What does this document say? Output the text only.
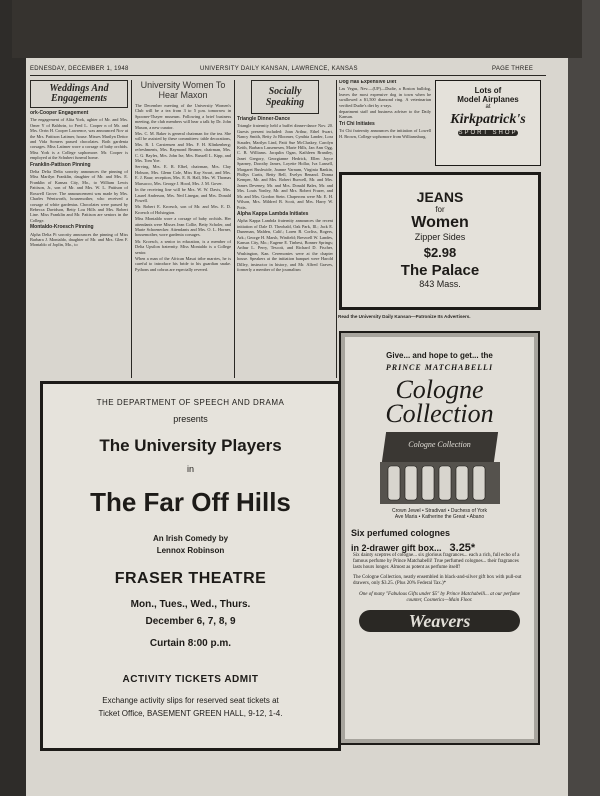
EDNESDAY, DECEMBER 1, 1948	UNIVERSITY DAILY KANSAN, LAWRENCE, KANSAS	PAGE THREE
Weddings And Engagements
ork-Cooper Engagement

The engagement of Alita York, ughter of Mr. and Mrs. Omer Y of Baldwin, to Fred L. Cooper n of Mr. and Mrs. Orrin H. Cooper Lawrence, was announced Nov at the Mrs. Pattison Latimer, house. Misses Marilyn Dettor and Vida Somers passed chocolates. Both gardenia corsages. Miss Latimer wore a corsage of baby orchids. Miss York is a College sophomore. Mr. Cooper is employed at the Schubert funeral home.

Franklin-Pattison Pinning

Delta Delta Delta sorority announces the pinning of Miss Marilyn Franklin, daughter of Mr. and Mrs. E. Franklin of Kansas City, Mo., to William Lewis Pattison, Jr., son of Mr. and Mrs. W. L. Pattison of Roswell Grove. The announcement was made by Mrs. Charles Wentworth, housemother, who received a corsage of white gardenias. Chocolates were passed by Rebecca Davidson, Betty Lou Hills and Mrs. Robert Line. Miss Franklin and Mr. Pattison are seniors in the College.

Montaldo-Kroesch Pinning

Alpha Delta Pi sorority announces the pinning of Miss Barbara J. Montaldo, daughter of Mr. and Mrs. Glen F. Montaldo of Joplin, Mo., to

University Women To Hear Maxon

The December meeting of the University Women's Club will be a tea from 3 to 5 p.m. tomorrow in Spooner-Thayer museum. Following a brief business meeting, the club members will hear a talk by Dr. John Maxon, a new curator.

Mrs. C. M. Baker is general chairman for the tea. She will be assisted by these committees: table decorations, Mrs. R. I. Carstensen and Mrs. F. H. Klinkenberg; refreshments, Mrs. Raymond Beamer, chairman, Mrs. C. G. Bayles, Mrs. John Ise, Mrs. Russell L. Kipp, and Mrs. Tom Yoe.

Serving, Mrs. E. R. Elbel, chairman, Mrs. Clay Hobson, Mrs. Glenn Cole, Miss Kay Swart, and Mrs. E. J. Baur; reception, Mrs. E. R. Hall, Mrs. W. Thomas Marsacco, Mrs. George J. Hood, Mrs. J. M. Gover.

In the receiving line will be Mrs. W. W. Davis, Mrs. Laurel Anderson, Mrs. Ned Linegar, and Mrs. Donald Powell.

Mr. Robert E. Kroesch, son of Mr. and Mrs. E. D. Kroesch of Holsington.

Miss Montaldo wore a corsage of baby orchids. Her attendants were Misses Jean Collie, Betty Scholer, and Marie Schoenecker. Attendants and Mrs. O. L. Horner, housemother, wore gardenia corsages.

Mr. Kroesch, a senior in education, is a member of Delta Upsilon fraternity. Miss Montaldo is a College senior.

When a man of the African Masai tribe marries, he is careful to introduce his bride to his guardian snake. Pythons and cobras are especially revered.

Socially Speaking
Triangle Dinner-Dance

Triangle fraternity held a buffet dinner-dance Nov. 20. Guests present included: Joan Arthur, Ethel Swart, Nancy Smith, Betty Jo Bloomer, Cynthia Lander, Lora Stauder, Marilyn Lind, Patti Sue McCluskey, Carolyn Keith, Barbara Lassenesen, Marie Hills, Jan Ann Ogg, C. B. Williams. Jacqulin Ogan, Kathleen Brantley, Janet Gregory, Georgianne Hedrick, Ellen Joyce Sparney, Dorothy James, Loyette Hollar, Iva Lansell, Margaret Bushwide, Joanne Varnum, Virginia Rankin, Phillys Curtis, Betty Bell, Evelyn Benand. Donna Kemper, Mr. and Mrs. Robert Burwell, Mr. and Mrs. James Deveney, Mr. and Mrs. Donald Bales, Mr. and Mrs. Louis Yonley, Mr. and Mrs. Robert Frazer, and Mr. and Mrs. Gordon Stein. Chaperons were Mr. E. H. Wilson, Mrs. Mildred B. Scott, and Mrs. Harry W. Potts.

Alpha Kappa Lambda Initiates

Alpha Kappa Lambda fraternity announces the recent initiation of Dale D. Theobald, Oak Park, Ill.; Jack E. Duneman, Malden, Calif.; Loren B. Corliss, Rogers, Ark.; George H. Marsh, Winfield; Breswell W. Landes, Kansas City, Mo.; Eugene E. Tinbest, Bonner Springs; Arthur L. Perry, Tescott, and Richard D. Fischer, Washington, Kan. Ceremonies were at the chapter house. Speakers at the initiation banquet were Harold Dilley, instructor in history, and Mr. Alfred Graves, formerly a member of the journalism

Dog Has Expensive Diet

Las Vegas, Nev.—(UP)—Dudie, a Boston bulldog, leaves the most expensive dog in town when he swallowed a $1,500 diamond ring. A veterinarian verified Dudie's diet by x-rays.

department staff and business adviser to the Daily Kansan.

Tri Chi Initiates

Tri Chi fraternity announces the initiation of Lowell H. Brown, College sophomore from Williamsburg.

Lots of
Model Airplanes
at
Kirkpatrick's
SPORT SHOP
JEANS
for
Women
Zipper Sides
$2.98
The Palace
843 Mass.
Read the University Daily Kansan—Patronize Its Advertisers.
Give... and hope to get... the
PRINCE MATCHABELLI
Cologne
Collection
Cologne Collection
Crown Jewel • Stradivari • Duchess of York
Ave Maria • Katherine the Great • Abano
Six perfumed colognes
in 2-drawer gift box... 3.25*
Six dainty sceptres of cologne... six glorious fragrances... each a rich, full echo of a famous perfume by Prince Matchabelli! True perfumed colognes... their fragrances lasts hours longer. Almost as potent as perfume itself!
The Cologne Collection, neatly ensembled in black-and-silver gift box with pull-out drawers, only $3.25. (Plus 20% Federal Tax.)*
One of many "Fabulous Gifts under $5" by Prince Matchabelli... at our perfume counter, Cosmetics—Main Floor.
Weavers
THE DEPARTMENT OF SPEECH AND DRAMA
presents
The University Players
in
The Far Off Hills
An Irish Comedy by
Lennox Robinson
FRASER THEATRE
Mon., Tues., Wed., Thurs.
December 6, 7, 8, 9
Curtain 8:00 p.m.
ACTIVITY TICKETS ADMIT
Exchange activity slips for reserved seat tickets at
Ticket Office, BASEMENT GREEN HALL, 9-12, 1-4.
